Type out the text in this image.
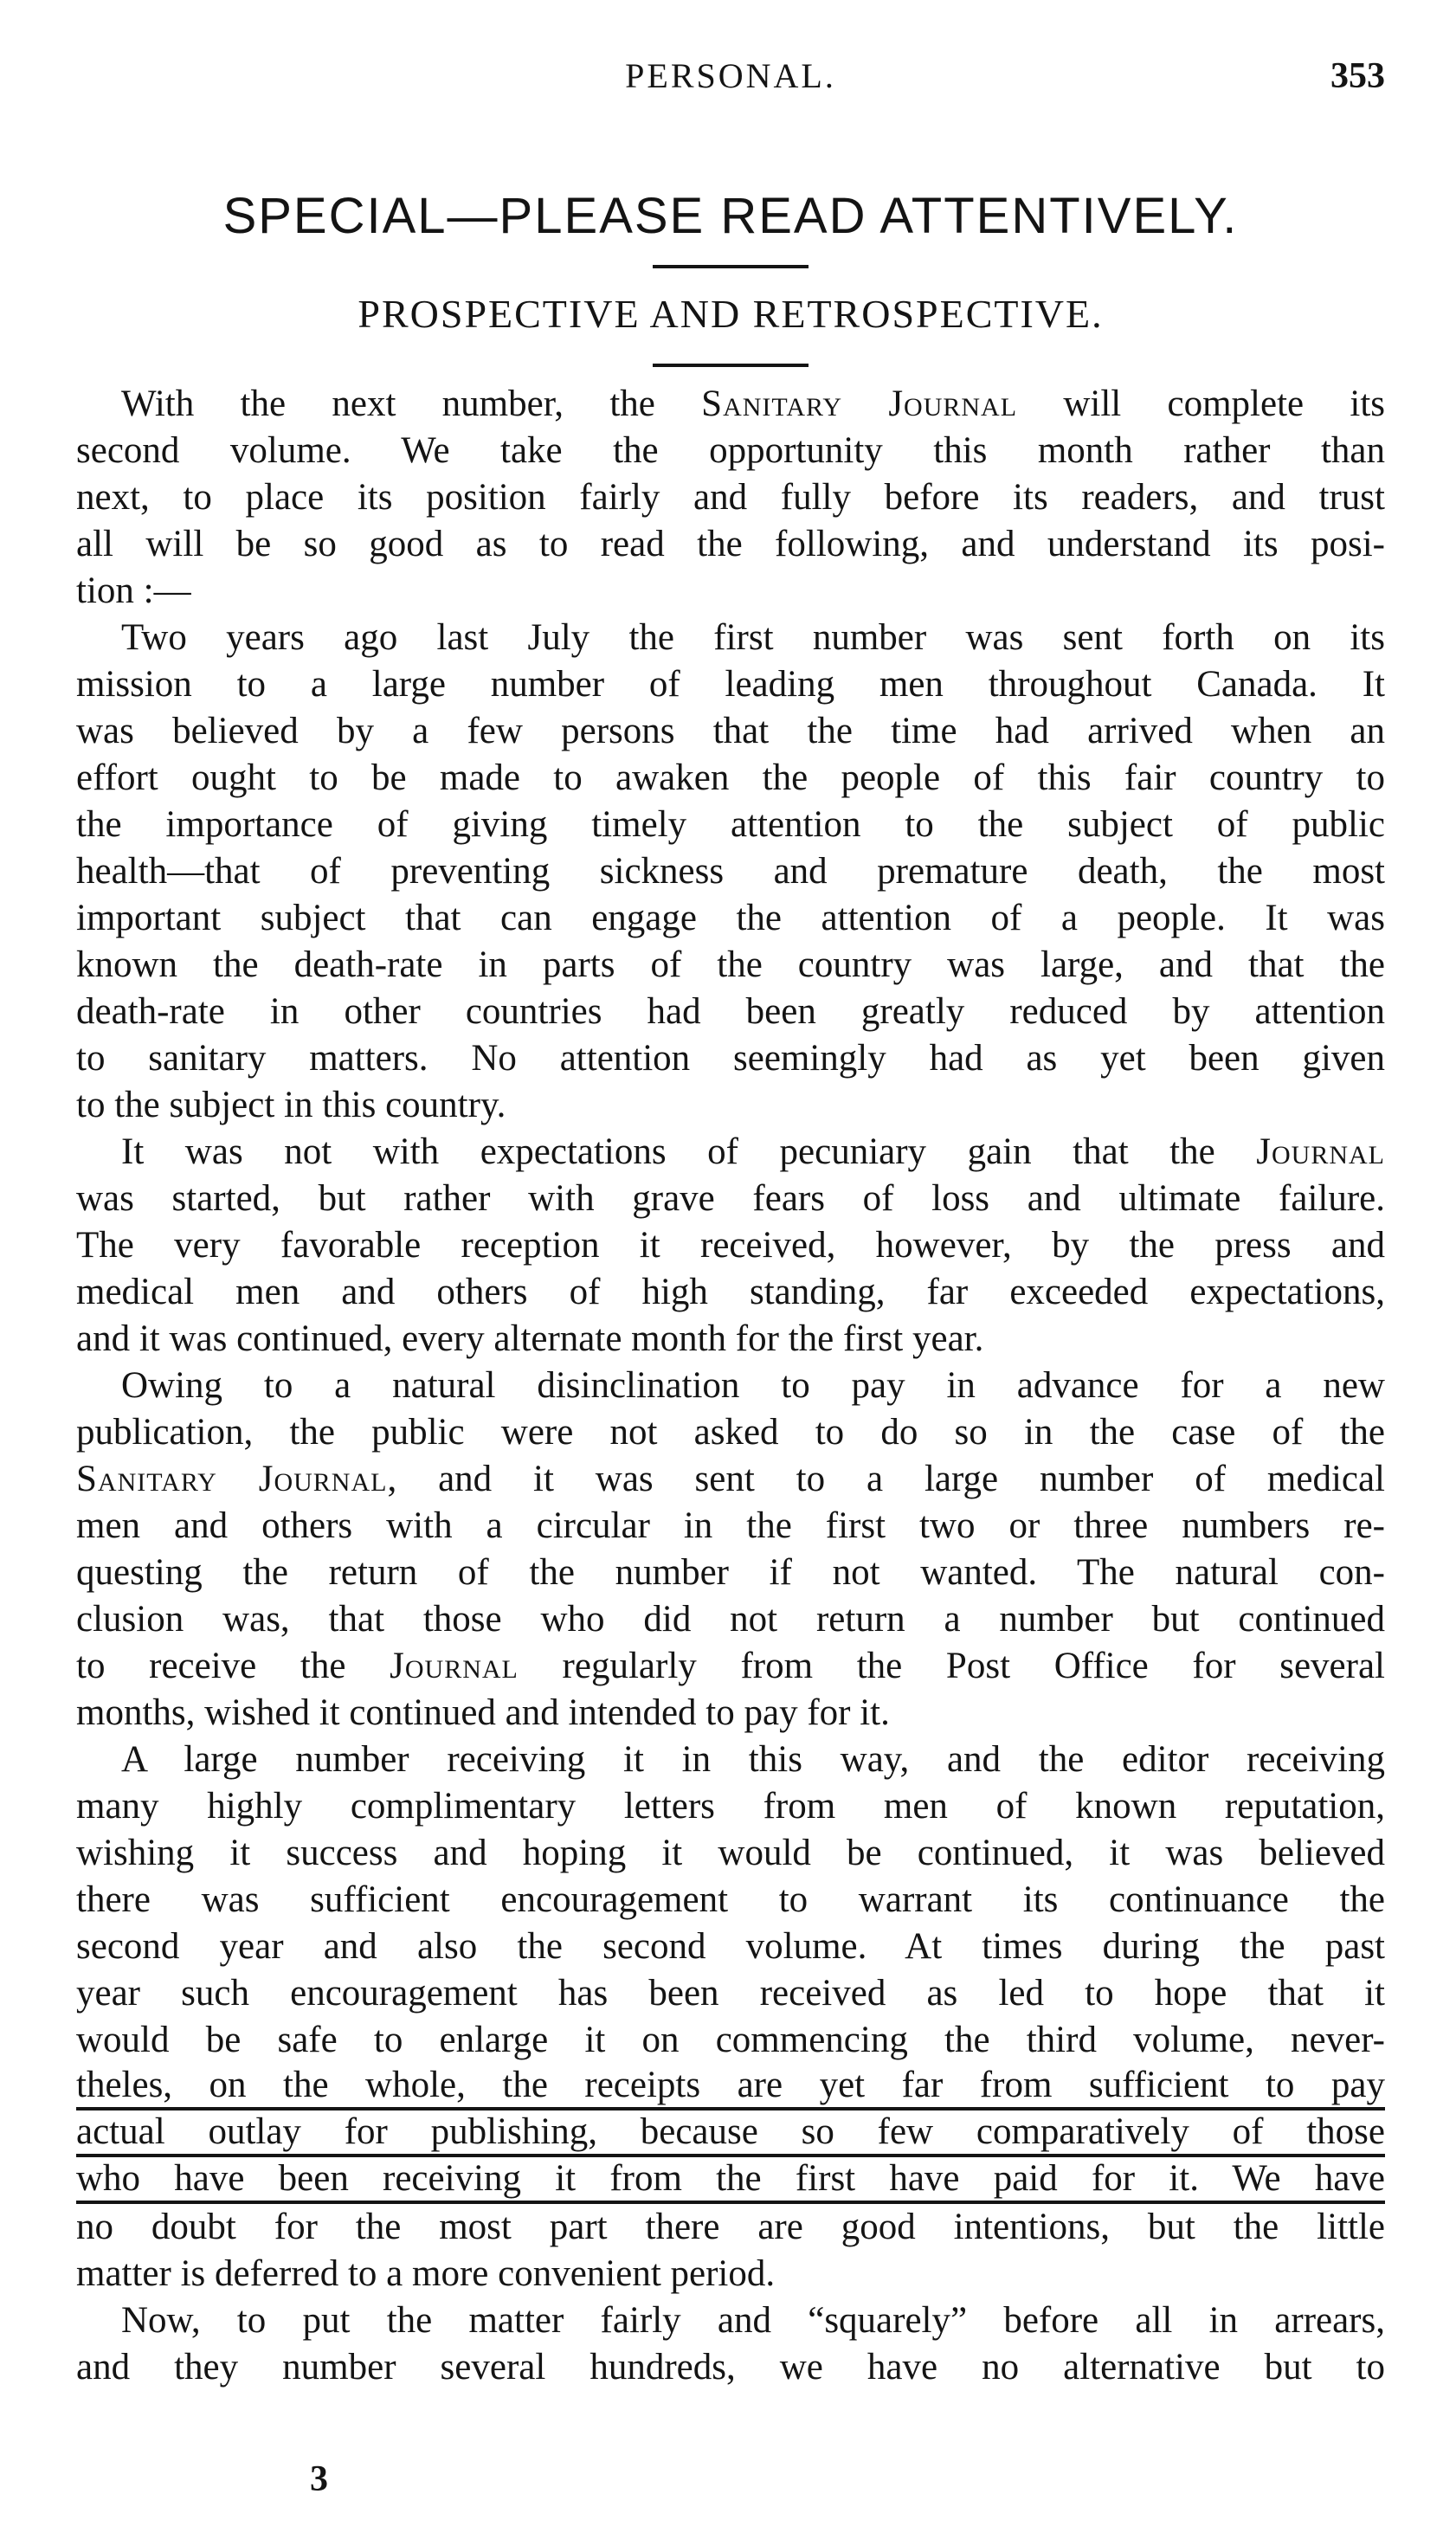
PERSONAL.	353
SPECIAL—PLEASE READ ATTENTIVELY.
PROSPECTIVE AND RETROSPECTIVE.
With the next number, the Sanitary Journal will complete its
second volume. We take the opportunity this month rather than
next, to place its position fairly and fully before its readers, and trust
all will be so good as to read the following, and understand its posi-
tion :—
Two years ago last July the first number was sent forth on its
mission to a large number of leading men throughout Canada. It
was believed by a few persons that the time had arrived when an
effort ought to be made to awaken the people of this fair country to
the importance of giving timely attention to the subject of public
health—that of preventing sickness and premature death, the most
important subject that can engage the attention of a people. It was
known the death-rate in parts of the country was large, and that the
death-rate in other countries had been greatly reduced by attention
to sanitary matters. No attention seemingly had as yet been given
to the subject in this country.
It was not with expectations of pecuniary gain that the Journal
was started, but rather with grave fears of loss and ultimate failure.
The very favorable reception it received, however, by the press and
medical men and others of high standing, far exceeded expectations,
and it was continued, every alternate month for the first year.
Owing to a natural disinclination to pay in advance for a new
publication, the public were not asked to do so in the case of the
Sanitary Journal, and it was sent to a large number of medical
men and others with a circular in the first two or three numbers re-
questing the return of the number if not wanted. The natural con-
clusion was, that those who did not return a number but continued
to receive the Journal regularly from the Post Office for several
months, wished it continued and intended to pay for it.
A large number receiving it in this way, and the editor receiving
many highly complimentary letters from men of known reputation,
wishing it success and hoping it would be continued, it was believed
there was sufficient encouragement to warrant its continuance the
second year and also the second volume. At times during the past
year such encouragement has been received as led to hope that it
would be safe to enlarge it on commencing the third volume, never-
theles, on the whole, the receipts are yet far from sufficient to pay
actual outlay for publishing, because so few comparatively of those
who have been receiving it from the first have paid for it. We have
no doubt for the most part there are good intentions, but the little
matter is deferred to a more convenient period.
Now, to put the matter fairly and “squarely” before all in arrears,
and they number several hundreds, we have no alternative but to
3
